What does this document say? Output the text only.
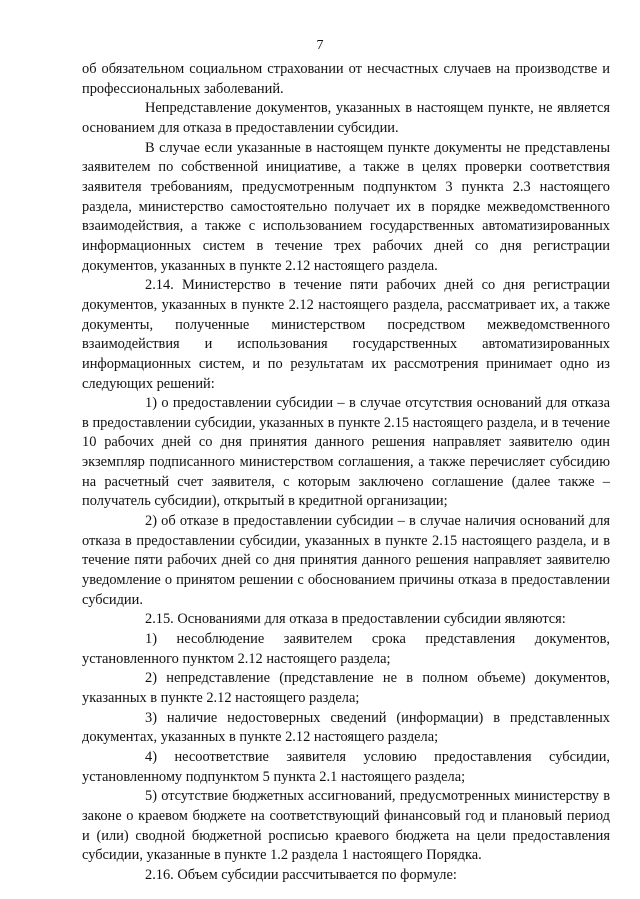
7

об обязательном социальном страховании от несчастных случаев на производстве и профессиональных заболеваний.

Непредставление документов, указанных в настоящем пункте, не является основанием для отказа в предоставлении субсидии.

В случае если указанные в настоящем пункте документы не представлены заявителем по собственной инициативе, а также в целях проверки соответствия заявителя требованиям, предусмотренным подпунктом 3 пункта 2.3 настоящего раздела, министерство самостоятельно получает их в порядке межведомственного взаимодействия, а также с использованием государственных автоматизированных информационных систем в течение трех рабочих дней со дня регистрации документов, указанных в пункте 2.12 настоящего раздела.

2.14. Министерство в течение пяти рабочих дней со дня регистрации документов, указанных в пункте 2.12 настоящего раздела, рассматривает их, а также документы, полученные министерством посредством межведомственного взаимодействия и использования государственных автоматизированных информационных систем, и по результатам их рассмотрения принимает одно из следующих решений:

1) о предоставлении субсидии – в случае отсутствия оснований для отказа в предоставлении субсидии, указанных в пункте 2.15 настоящего раздела, и в течение 10 рабочих дней со дня принятия данного решения направляет заявителю один экземпляр подписанного министерством соглашения, а также перечисляет субсидию на расчетный счет заявителя, с которым заключено соглашение (далее также – получатель субсидии), открытый в кредитной организации;

2) об отказе в предоставлении субсидии – в случае наличия оснований для отказа в предоставлении субсидии, указанных в пункте 2.15 настоящего раздела, и в течение пяти рабочих дней со дня принятия данного решения направляет заявителю уведомление о принятом решении с обоснованием причины отказа в предоставлении субсидии.

2.15. Основаниями для отказа в предоставлении субсидии являются:

1) несоблюдение заявителем срока представления документов, установленного пунктом 2.12 настоящего раздела;

2) непредставление (представление не в полном объеме) документов, указанных в пункте 2.12 настоящего раздела;

3) наличие недостоверных сведений (информации) в представленных документах, указанных в пункте 2.12 настоящего раздела;

4) несоответствие заявителя условию предоставления субсидии, установленному подпунктом 5 пункта 2.1 настоящего раздела;

5) отсутствие бюджетных ассигнований, предусмотренных министерству в законе о краевом бюджете на соответствующий финансовый год и плановый период и (или) сводной бюджетной росписью краевого бюджета на цели предоставления субсидии, указанные в пункте 1.2 раздела 1 настоящего Порядка.

2.16. Объем субсидии рассчитывается по формуле:
